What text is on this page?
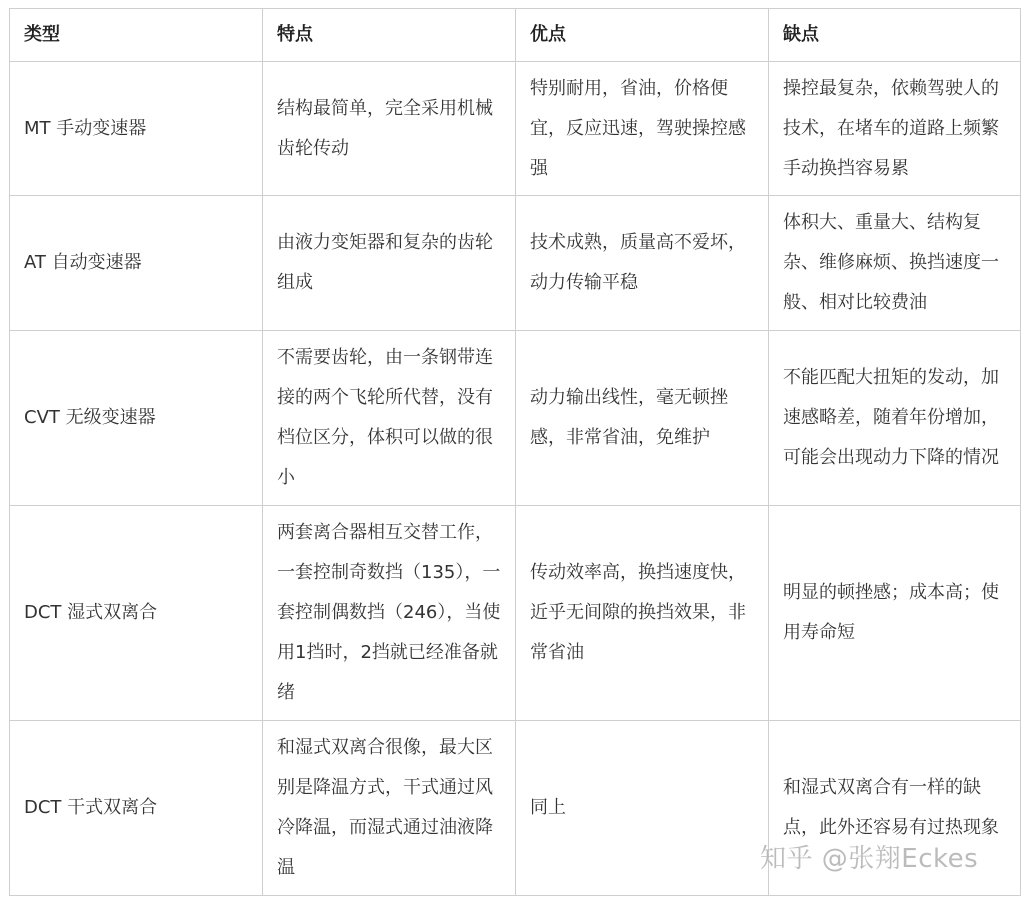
类型	特点	优点	缺点

MT 手动变速器	结构最简单，完全采用机械齿轮传动	特别耐用，省油，价格便宜，反应迅速，驾驶操控感强	操控最复杂，依赖驾驶人的技术，在堵车的道路上频繁手动换挡容易累

AT 自动变速器	由液力变矩器和复杂的齿轮组成	技术成熟，质量高不爱坏，动力传输平稳	体积大、重量大、结构复杂、维修麻烦、换挡速度一般、相对比较费油

CVT 无级变速器	不需要齿轮，由一条钢带连接的两个飞轮所代替，没有档位区分，体积可以做的很小	动力输出线性，毫无顿挫感，非常省油，免维护	不能匹配大扭矩的发动，加速感略差，随着年份增加，可能会出现动力下降的情况

DCT 湿式双离合	两套离合器相互交替工作，一套控制奇数挡（135），一套控制偶数挡（246），当使用1挡时，2挡就已经准备就绪	传动效率高，换挡速度快，近乎无间隙的换挡效果，非常省油	明显的顿挫感；成本高；使用寿命短

DCT 干式双离合	和湿式双离合很像，最大区别是降温方式，干式通过风冷降温，而湿式通过油液降温	同上	和湿式双离合有一样的缺点，此外还容易有过热现象
知乎 @张翔Eckes
